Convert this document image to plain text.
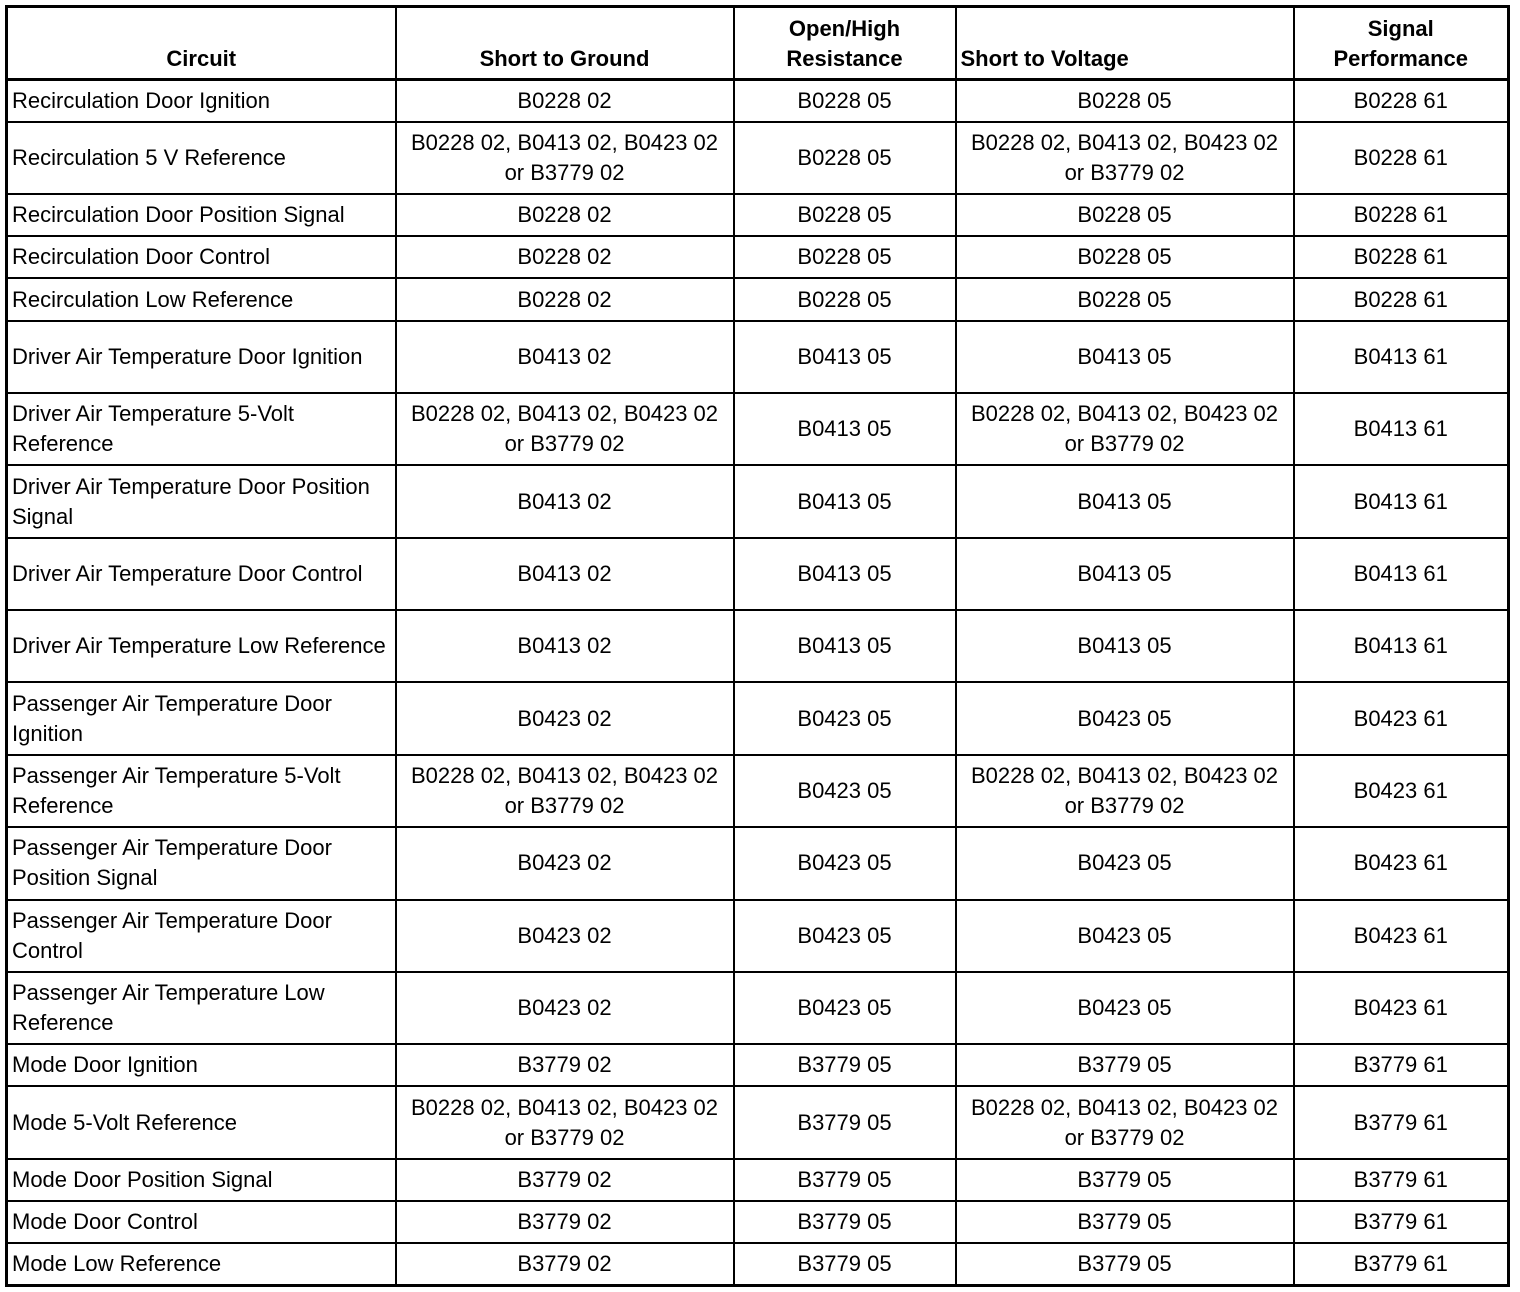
Circuit	Short to Ground	Open/High Resistance	Short to Voltage	Signal Performance
Recirculation Door Ignition	B0228 02	B0228 05	B0228 05	B0228 61
Recirculation 5 V Reference	B0228 02, B0413 02, B0423 02 or B3779 02	B0228 05	B0228 02, B0413 02, B0423 02 or B3779 02	B0228 61
Recirculation Door Position Signal	B0228 02	B0228 05	B0228 05	B0228 61
Recirculation Door Control	B0228 02	B0228 05	B0228 05	B0228 61
Recirculation Low Reference	B0228 02	B0228 05	B0228 05	B0228 61
Driver Air Temperature Door Ignition	B0413 02	B0413 05	B0413 05	B0413 61
Driver Air Temperature 5-Volt Reference	B0228 02, B0413 02, B0423 02 or B3779 02	B0413 05	B0228 02, B0413 02, B0423 02 or B3779 02	B0413 61
Driver Air Temperature Door Position Signal	B0413 02	B0413 05	B0413 05	B0413 61
Driver Air Temperature Door Control	B0413 02	B0413 05	B0413 05	B0413 61
Driver Air Temperature Low Reference	B0413 02	B0413 05	B0413 05	B0413 61
Passenger Air Temperature Door Ignition	B0423 02	B0423 05	B0423 05	B0423 61
Passenger Air Temperature 5-Volt Reference	B0228 02, B0413 02, B0423 02 or B3779 02	B0423 05	B0228 02, B0413 02, B0423 02 or B3779 02	B0423 61
Passenger Air Temperature Door Position Signal	B0423 02	B0423 05	B0423 05	B0423 61
Passenger Air Temperature Door Control	B0423 02	B0423 05	B0423 05	B0423 61
Passenger Air Temperature Low Reference	B0423 02	B0423 05	B0423 05	B0423 61
Mode Door Ignition	B3779 02	B3779 05	B3779 05	B3779 61
Mode 5-Volt Reference	B0228 02, B0413 02, B0423 02 or B3779 02	B3779 05	B0228 02, B0413 02, B0423 02 or B3779 02	B3779 61
Mode Door Position Signal	B3779 02	B3779 05	B3779 05	B3779 61
Mode Door Control	B3779 02	B3779 05	B3779 05	B3779 61
Mode Low Reference	B3779 02	B3779 05	B3779 05	B3779 61
